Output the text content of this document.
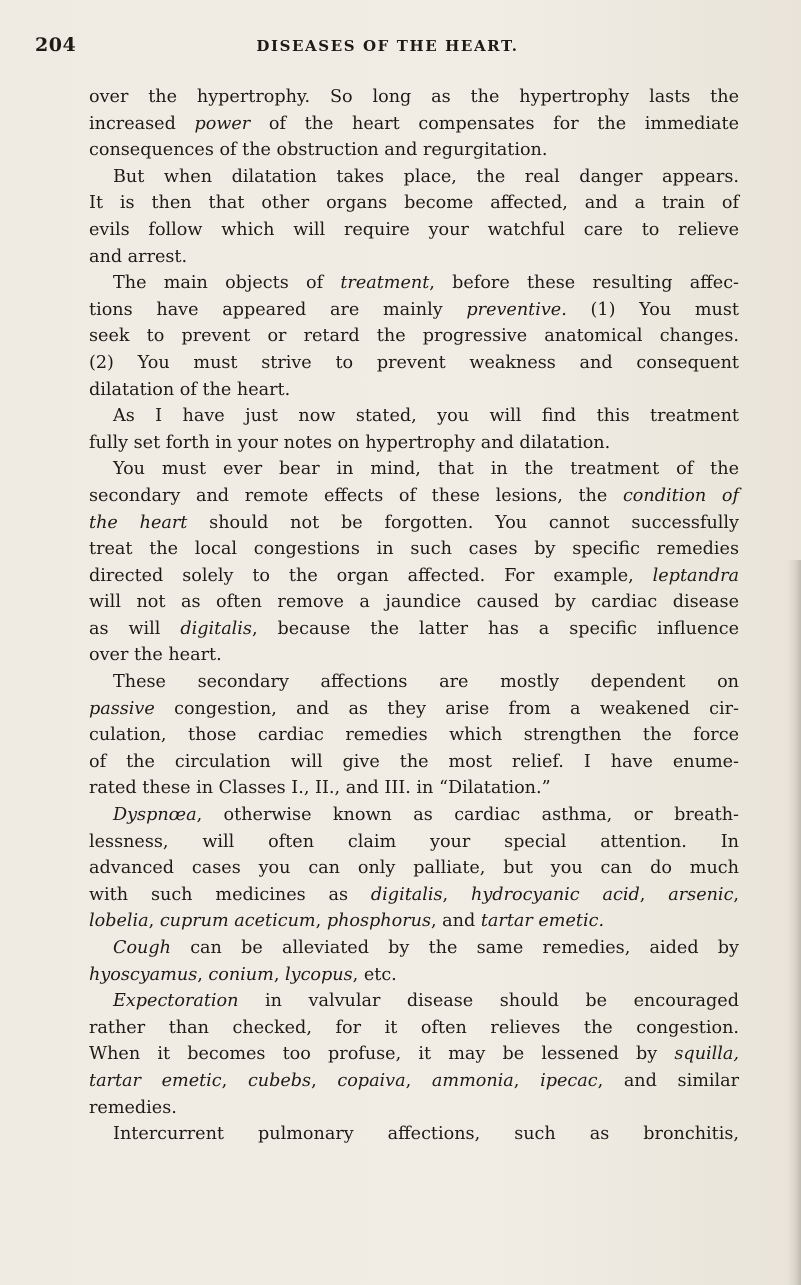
204	DISEASES OF THE HEART.
over the hypertrophy. So long as the hypertrophy lasts the
increased power of the heart compensates for the immediate
consequences of the obstruction and regurgitation.
But when dilatation takes place, the real danger appears.
It is then that other organs become affected, and a train of
evils follow which will require your watchful care to relieve
and arrest.
The main objects of treatment, before these resulting affec-
tions have appeared are mainly preventive. (1) You must
seek to prevent or retard the progressive anatomical changes.
(2) You must strive to prevent weakness and consequent
dilatation of the heart.
As I have just now stated, you will find this treatment
fully set forth in your notes on hypertrophy and dilatation.
You must ever bear in mind, that in the treatment of the
secondary and remote effects of these lesions, the condition of
the heart should not be forgotten. You cannot successfully
treat the local congestions in such cases by specific remedies
directed solely to the organ affected. For example, leptandra
will not as often remove a jaundice caused by cardiac disease
as will digitalis, because the latter has a specific influence
over the heart.
These secondary affections are mostly dependent on
passive congestion, and as they arise from a weakened cir-
culation, those cardiac remedies which strengthen the force
of the circulation will give the most relief. I have enume-
rated these in Classes I., II., and III. in “Dilatation.”
Dyspnœa, otherwise known as cardiac asthma, or breath-
lessness, will often claim your special attention. In
advanced cases you can only palliate, but you can do much
with such medicines as digitalis, hydrocyanic acid, arsenic,
lobelia, cuprum aceticum, phosphorus, and tartar emetic.
Cough can be alleviated by the same remedies, aided by
hyoscyamus, conium, lycopus, etc.
Expectoration in valvular disease should be encouraged
rather than checked, for it often relieves the congestion.
When it becomes too profuse, it may be lessened by squilla,
tartar emetic, cubebs, copaiva, ammonia, ipecac, and similar
remedies.
Intercurrent pulmonary affections, such as bronchitis,
